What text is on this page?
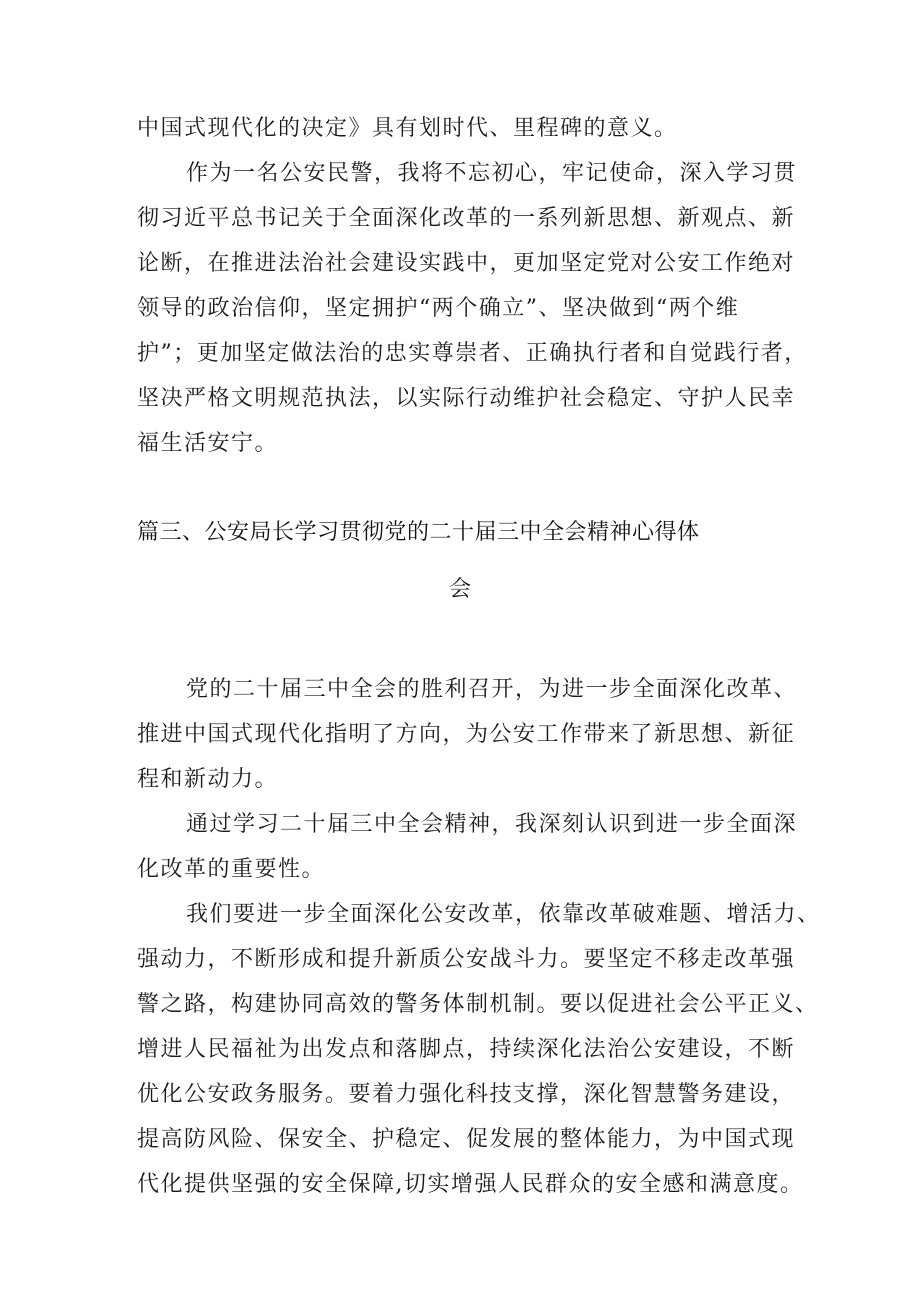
中国式现代化的决定》具有划时代、里程碑的意义。
作为一名公安民警，我将不忘初心，牢记使命，深入学习贯
彻习近平总书记关于全面深化改革的一系列新思想、新观点、新
论断，在推进法治社会建设实践中，更加坚定党对公安工作绝对
领导的政治信仰，坚定拥护“两个确立”、坚决做到“两个维
护”；更加坚定做法治的忠实尊崇者、正确执行者和自觉践行者，
坚决严格文明规范执法，以实际行动维护社会稳定、守护人民幸
福生活安宁。
篇三、公安局长学习贯彻党的二十届三中全会精神心得体
会
党的二十届三中全会的胜利召开，为进一步全面深化改革、
推进中国式现代化指明了方向，为公安工作带来了新思想、新征
程和新动力。
通过学习二十届三中全会精神，我深刻认识到进一步全面深
化改革的重要性。
我们要进一步全面深化公安改革，依靠改革破难题、增活力、
强动力，不断形成和提升新质公安战斗力。要坚定不移走改革强
警之路，构建协同高效的警务体制机制。要以促进社会公平正义、
增进人民福祉为出发点和落脚点，持续深化法治公安建设，不断
优化公安政务服务。要着力强化科技支撑，深化智慧警务建设，
提高防风险、保安全、护稳定、促发展的整体能力，为中国式现
代化提供坚强的安全保障,切实增强人民群众的安全感和满意度。
